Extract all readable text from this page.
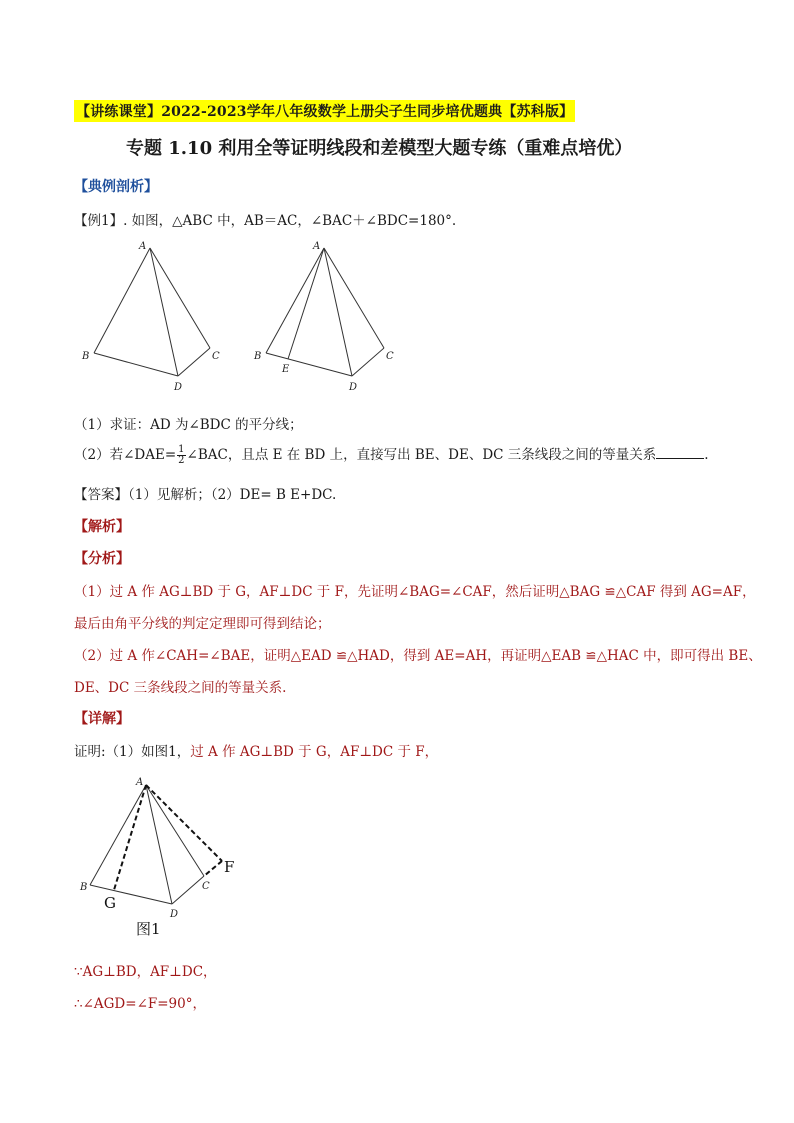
【讲练课堂】2022-2023学年八年级数学上册尖子生同步培优题典【苏科版】
专题 1.10 利用全等证明线段和差模型大题专练（重难点培优）
【典例剖析】
【例1】. 如图，△ABC 中，AB＝AC，∠BAC＋∠BDC=180°.
A
B	C
D
A
B	C
D
E
（1）求证：AD 为∠BDC 的平分线；
（2）若∠DAE= $\frac{1}{2}$ ∠BAC，且点 E 在 BD 上，直接写出 BE、DE、DC 三条线段之间的等量关系	.
【答案】（1）见解析；（2）DE= B E+DC.
【解析】
【分析】
（1）过 A 作 AG⊥BD 于 G，AF⊥DC 于 F，先证明∠BAG=∠CAF，然后证明△BAG ≌△CAF 得到 AG=AF，
最后由角平分线的判定定理即可得到结论；
（2）过 A 作∠CAH=∠BAE，证明△EAD ≌△HAD，得到 AE=AH，再证明△EAB ≌△HAC 中，即可得出 BE、
DE、DC 三条线段之间的等量关系.
【详解】
证明:（1）如图1，过 A 作 AG⊥BD 于 G，AF⊥DC 于 F，
A
B	C
D
G
F
图1
∵AG⊥BD，AF⊥DC，
∴∠AGD=∠F=90°，
